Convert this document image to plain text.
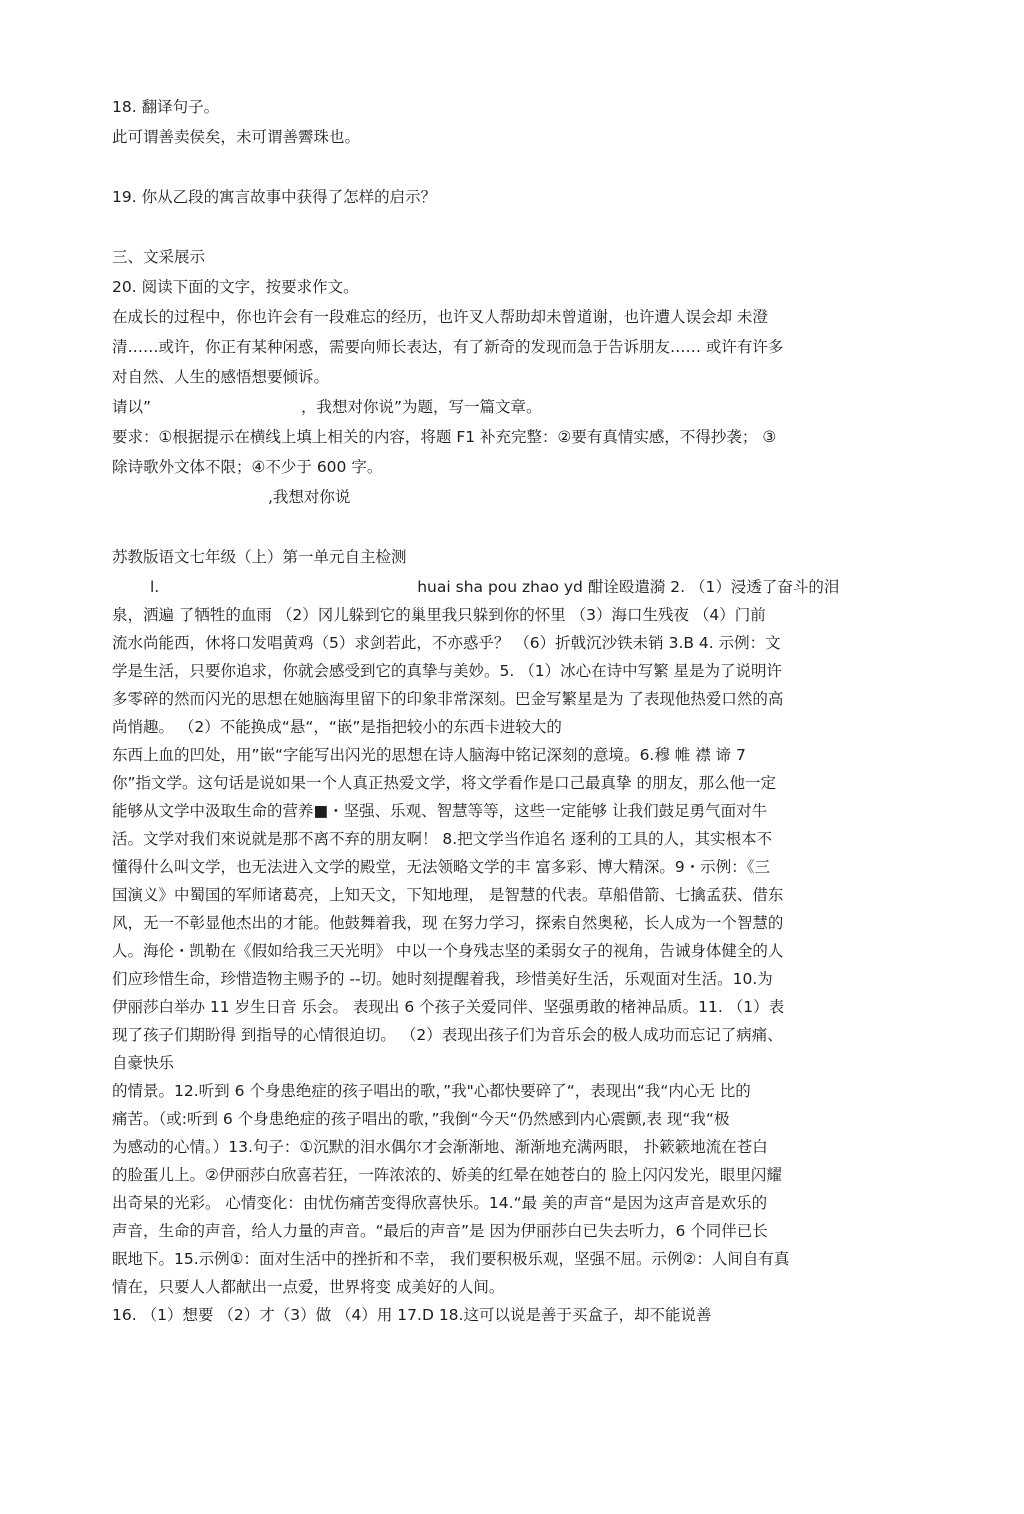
18. 翻译句子。
此可谓善卖侯矣，未可谓善霽珠也。
19. 你从乙段的寓言故事中获得了怎样的启示？
三、文采展示
20. 阅读下面的文字，按要求作文。
在成长的过程中，你也许会有一段难忘的经历，也许叉人帮助却未曾道谢，也许遭人误会却 未澄
清……或许，你正有某种闲惑，需要向师长表达，有了新奇的发现而急于告诉朋友…… 或许有许多
对自然、人生的感悟想要倾诉。
请以”	，我想对你说”为题，写一篇文章。
要求：①根据提示在横线上填上相关的内容，将题 F1 补充完整：②要有真情实感，不得抄袭； ③
除诗歌外文体不限；④不少于 600 字。
,我想对你说
苏教版语文七年级（上）第一单元自主检测
l.	huai sha pou zhao yd 酣诠殴遣漪 2. （1）浸透了奋斗的泪
泉，洒遍 了牺牲的血雨 （2）冈儿躲到它的巢里我只躲到你的怀里 （3）海口生残夜 （4）门前
流水尚能西，休将口发唱黄鸡（5）求剑若此，不亦惑乎？ （6）折戟沉沙铁未销 3.B 4. 示例：文
学是生活，只要你追求，你就会感受到它的真挚与美妙。5. （1）冰心在诗中写繁 星是为了说明许
多零碎的然而闪光的思想在她脑海里留下的印象非常深刻。巴金写繁星是为 了表现他热爱口然的高
尚悄趣。 （2）不能换成“悬“，“嵌”是指把较小的东西卡进较大的
东西上血的凹处，用”嵌“字能写出闪光的思想在诗人脑海中铭记深刻的意境。6.穆 帷 襟 谛 7
你”指文学。这句话是说如果一个人真正热爱文学，将文学看作是口己最真挚 的朋友，那么他一定
能够从文学中汲取生命的营养■・坚强、乐观、智慧等等，这些一定能够 让我们鼓足勇气面对牛
活。文学对我们來说就是那不离不弃的朋友啊！ 8.把文学当作追名 逐利的工具的人，其实根本不
懂得什么叫文学，也无法进入文学的殿堂，无法领略文学的丰 富多彩、博大精深。9・示例：《三
国演义》中蜀国的军师诸葛亮，上知天文，下知地理， 是智慧的代表。草船借箭、七擒孟获、借东
风，无一不彰显他杰出的才能。他鼓舞着我，现 在努力学习，探索自然奥秘，长人成为一个智慧的
人。海伦・凯勒在《假如给我三天光明》 中以一个身残志坚的柔弱女子的视角，告诫身体健全的人
们应珍惜生命，珍惜造物主赐予的 --切。她时刻提醒着我，珍惜美好生活，乐观面对生活。10.为
伊丽莎白举办 11 岁生日音 乐会。 表现出 6 个孩子关爱同伴、坚强勇敢的楮神品质。11. （1）表
现了孩子们期盼得 到指导的心情很迫切。 （2）表现出孩子们为音乐会的极人成功而忘记了病痛、
自豪快乐
的情景。12.听到 6 个身患绝症的孩子唱出的歌，”我"心都快要碎了“，表现出“我“内心无 比的
痛苦。（或:听到 6 个身患绝症的孩子唱出的歌，”我倒“今天“仍然感到内心震颤,表 现“我“极
为感动的心情。）13.句子：①沉默的泪水偶尔才会渐渐地、渐渐地充满两眼， 扑簌簌地流在苍白
的脸蛋儿上。②伊丽莎白欣喜若狂，一阵浓浓的、娇美的红晕在她苍白的 脸上闪闪发光，眼里闪耀
出奇杲的光彩。 心情变化：由忧伤痛苦变得欣喜快乐。14.“最 美的声音“是因为这声音是欢乐的
声音，生命的声音，给人力量的声音。“最后的声音”是 因为伊丽莎白已失去听力，6 个同伴已长
眠地下。15.示例①：面对生活中的挫折和不幸， 我们要积极乐观，坚强不屈。示例②：人间自有真
情在，只要人人都献出一点爱，世界将变 成美好的人间。
16. （1）想要 （2）才（3）做 （4）用 17.D 18.这可以说是善于买盒子，却不能说善
